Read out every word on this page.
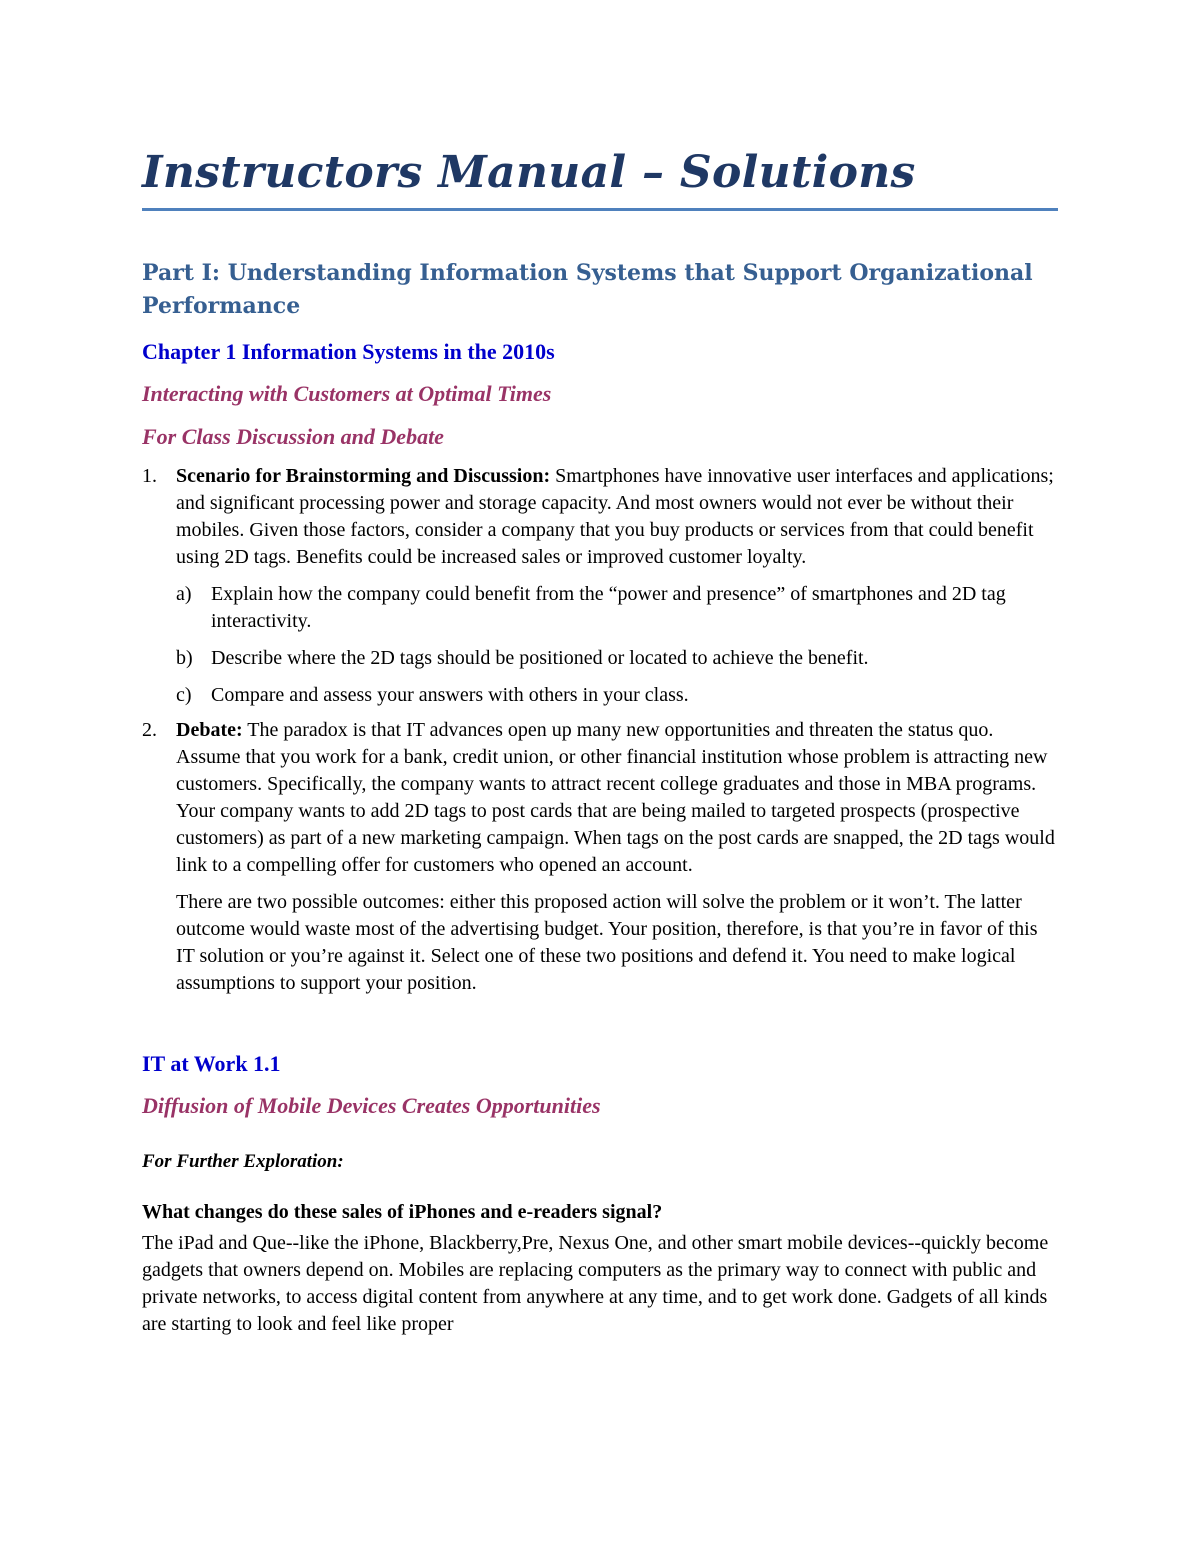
Instructors Manual – Solutions
Part I: Understanding Information Systems that Support Organizational Performance
Chapter 1 Information Systems in the 2010s
Interacting with Customers at Optimal Times
For Class Discussion and Debate
1. Scenario for Brainstorming and Discussion: Smartphones have innovative user interfaces and applications; and significant processing power and storage capacity. And most owners would not ever be without their mobiles. Given those factors, consider a company that you buy products or services from that could benefit using 2D tags. Benefits could be increased sales or improved customer loyalty.

a) Explain how the company could benefit from the “power and presence” of smartphones and 2D tag interactivity.
b) Describe where the 2D tags should be positioned or located to achieve the benefit.
c) Compare and assess your answers with others in your class.
2. Debate: The paradox is that IT advances open up many new opportunities and threaten the status quo. Assume that you work for a bank, credit union, or other financial institution whose problem is attracting new customers. Specifically, the company wants to attract recent college graduates and those in MBA programs. Your company wants to add 2D tags to post cards that are being mailed to targeted prospects (prospective customers) as part of a new marketing campaign. When tags on the post cards are snapped, the 2D tags would link to a compelling offer for customers who opened an account.

There are two possible outcomes: either this proposed action will solve the problem or it won’t. The latter outcome would waste most of the advertising budget. Your position, therefore, is that you’re in favor of this IT solution or you’re against it. Select one of these two positions and defend it. You need to make logical assumptions to support your position.

IT at Work 1.1
Diffusion of Mobile Devices Creates Opportunities
For Further Exploration:
What changes do these sales of iPhones and e-readers signal?

The iPad and Que--like the iPhone, Blackberry,Pre, Nexus One, and other smart mobile devices--quickly become gadgets that owners depend on. Mobiles are replacing computers as the primary way to connect with public and private networks, to access digital content from anywhere at any time, and to get work done. Gadgets of all kinds are starting to look and feel like proper
